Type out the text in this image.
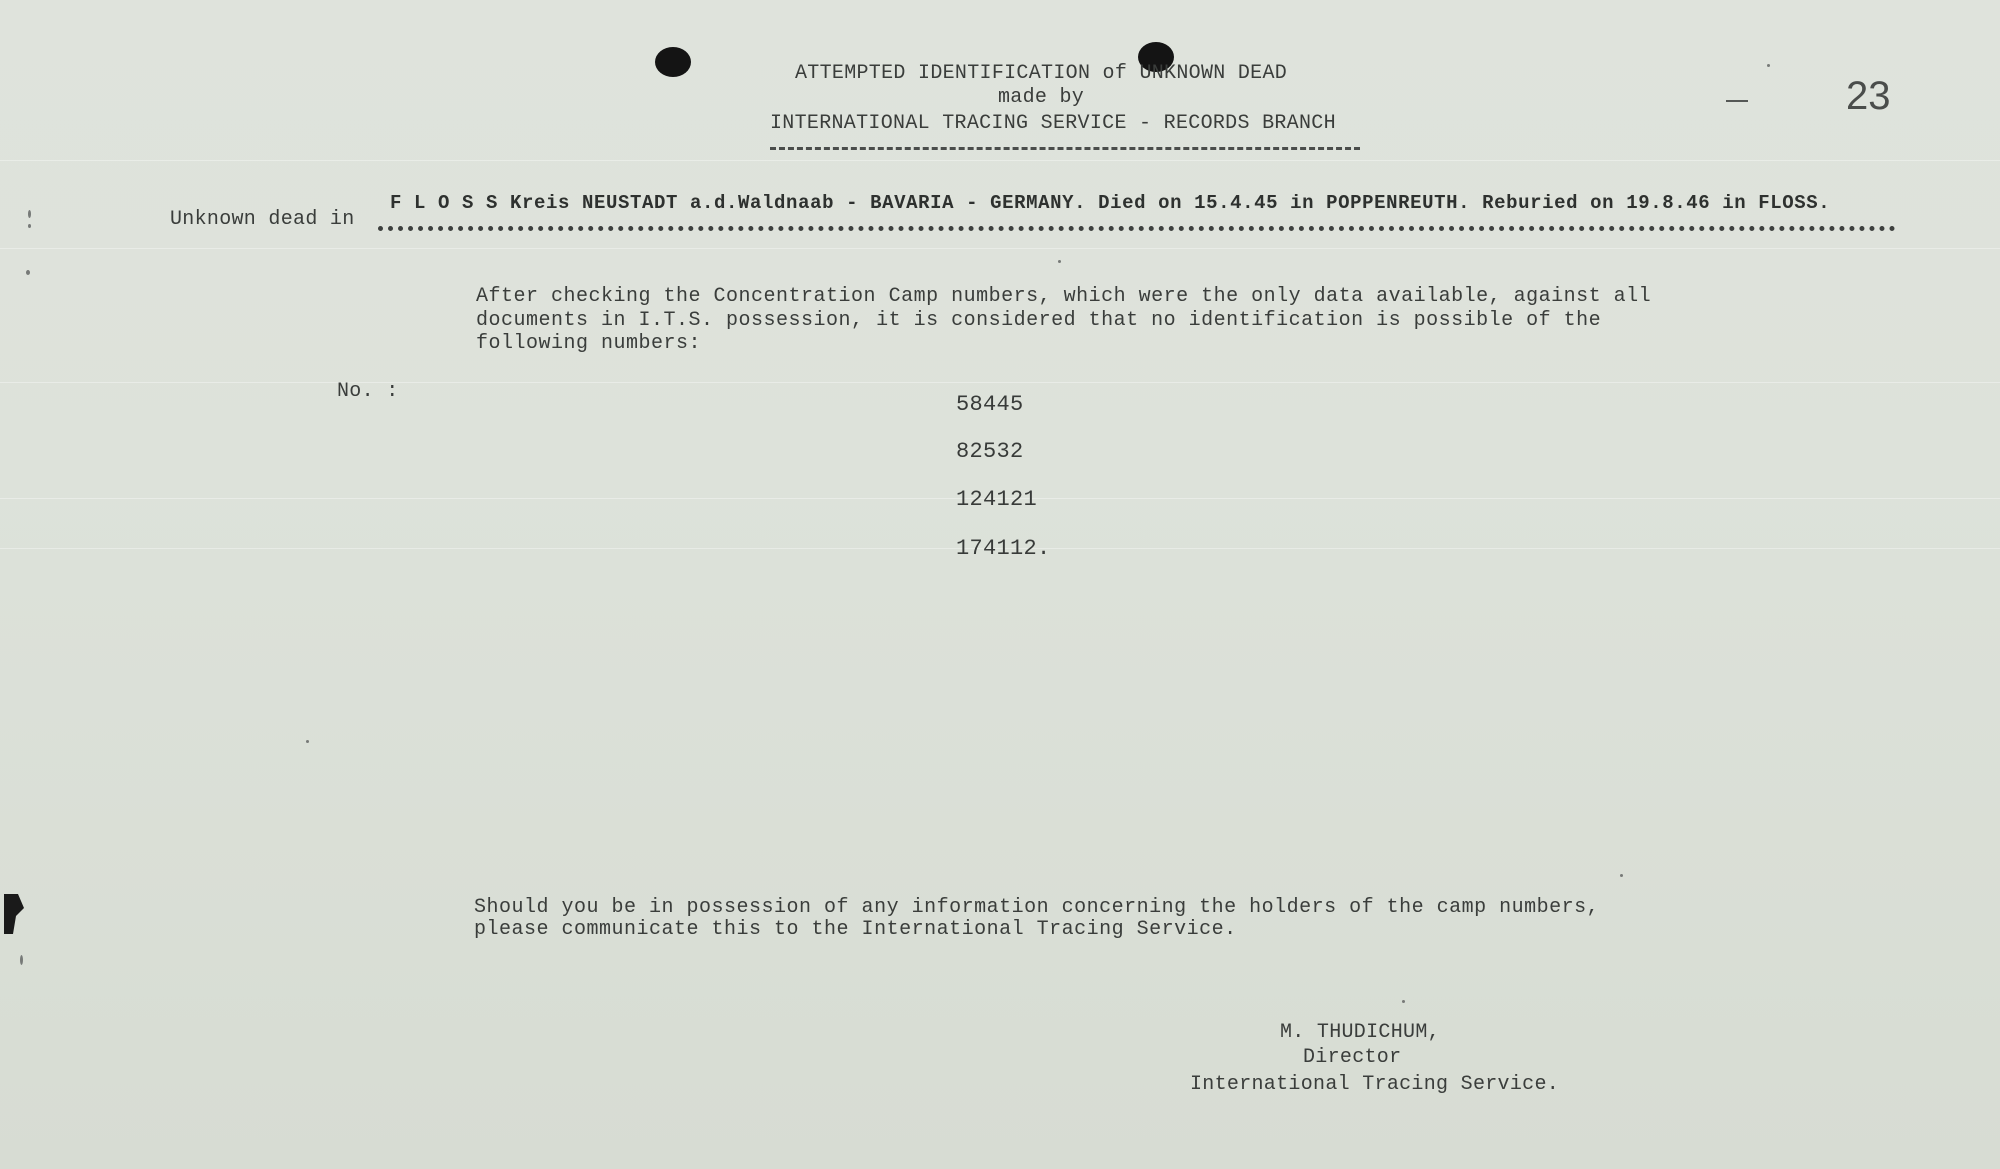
ATTEMPTED IDENTIFICATION of UNKNOWN DEAD
made by
INTERNATIONAL TRACING SERVICE - RECORDS BRANCH
23
Unknown dead in
F L O S S Kreis NEUSTADT a.d.Waldnaab - BAVARIA - GERMANY. Died on 15.4.45 in POPPENREUTH. Reburied on 19.8.46 in FLOSS.
After checking the Concentration Camp numbers, which were the only data available, against all
documents in I.T.S. possession, it is considered that no identification is possible of the
following numbers:
No. :
58445
82532
124121
174112.
Should you be in possession of any information concerning the holders of the camp numbers,
please communicate this to the International Tracing Service.
M. THUDICHUM,
Director
International Tracing Service.
